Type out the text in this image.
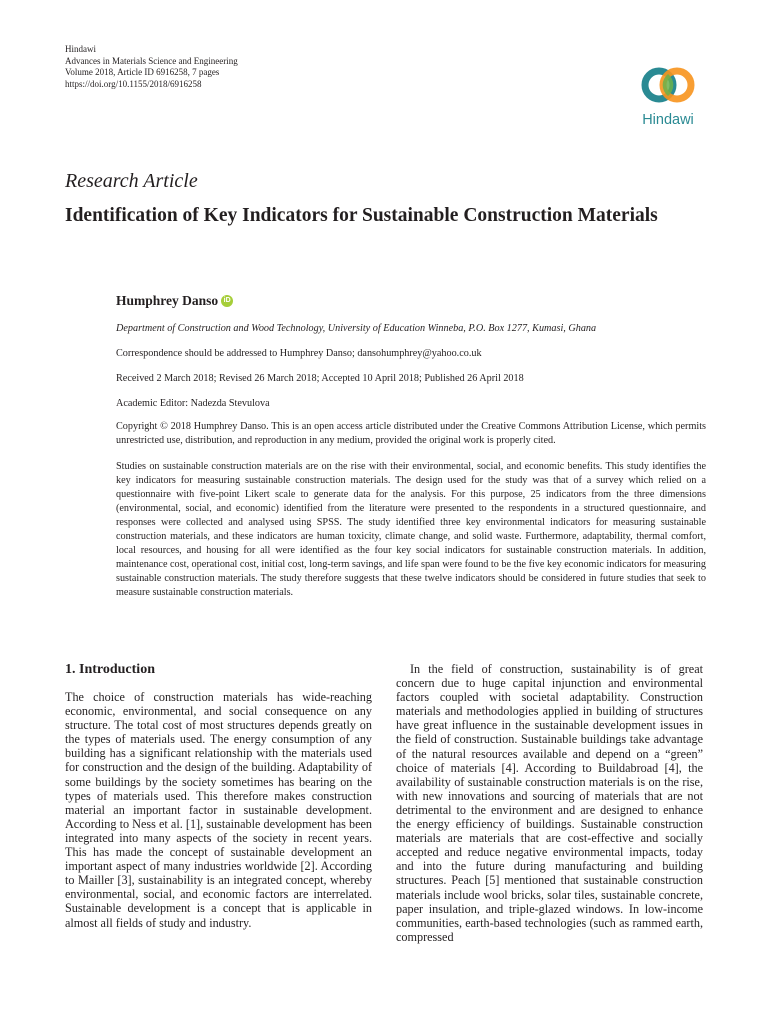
Hindawi
Advances in Materials Science and Engineering
Volume 2018, Article ID 6916258, 7 pages
https://doi.org/10.1155/2018/6916258
Hindawi
Research Article
Identification of Key Indicators for Sustainable Construction Materials
Humphrey Danso iD
Department of Construction and Wood Technology, University of Education Winneba, P.O. Box 1277, Kumasi, Ghana
Correspondence should be addressed to Humphrey Danso; dansohumphrey@yahoo.co.uk
Received 2 March 2018; Revised 26 March 2018; Accepted 10 April 2018; Published 26 April 2018
Academic Editor: Nadezda Stevulova
Copyright © 2018 Humphrey Danso. This is an open access article distributed under the Creative Commons Attribution License, which permits unrestricted use, distribution, and reproduction in any medium, provided the original work is properly cited.
Studies on sustainable construction materials are on the rise with their environmental, social, and economic benefits. This study identifies the key indicators for measuring sustainable construction materials. The design used for the study was that of a survey which relied on a questionnaire with five-point Likert scale to generate data for the analysis. For this purpose, 25 indicators from the three dimensions (environmental, social, and economic) identified from the literature were presented to the respondents in a structured questionnaire, and responses were collected and analysed using SPSS. The study identified three key environmental indicators for measuring sustainable construction materials, and these indicators are human toxicity, climate change, and solid waste. Furthermore, adaptability, thermal comfort, local resources, and housing for all were identified as the four key social indicators for sustainable construction materials. In addition, maintenance cost, operational cost, initial cost, long-term savings, and life span were found to be the five key economic indicators for measuring sustainable construction materials. The study therefore suggests that these twelve indicators should be considered in future studies that seek to measure sustainable construction materials.
1. Introduction

The choice of construction materials has wide-reaching economic, environmental, and social consequence on any structure. The total cost of most structures depends greatly on the types of materials used. The energy consumption of any building has a significant relationship with the materials used for construction and the design of the building. Adaptability of some buildings by the society sometimes has bearing on the types of materials used. This therefore makes construction material an important factor in sustainable development. According to Ness et al. [1], sustainable development has been integrated into many aspects of the society in recent years. This has made the concept of sustainable development an important aspect of many industries worldwide [2]. According to Mailler [3], sustainability is an integrated concept, whereby environmental, social, and economic factors are interrelated. Sustainable development is a concept that is applicable in almost all fields of study and industry.

In the field of construction, sustainability is of great concern due to huge capital injunction and environmental factors coupled with societal adaptability. Construction materials and methodologies applied in building of structures have great influence in the sustainable development issues in the field of construction. Sustainable buildings take advantage of the natural resources available and depend on a “green” choice of materials [4]. According to Buildabroad [4], the availability of sustainable construction materials is on the rise, with new innovations and sourcing of materials that are not detrimental to the environment and are designed to enhance the energy efficiency of buildings. Sustainable construction materials are materials that are cost-effective and socially accepted and reduce negative environmental impacts, today and into the future during manufacturing and building structures. Peach [5] mentioned that sustainable construction materials include wool bricks, solar tiles, sustainable concrete, paper insulation, and triple-glazed windows. In low-income communities, earth-based technologies (such as rammed earth, compressed
